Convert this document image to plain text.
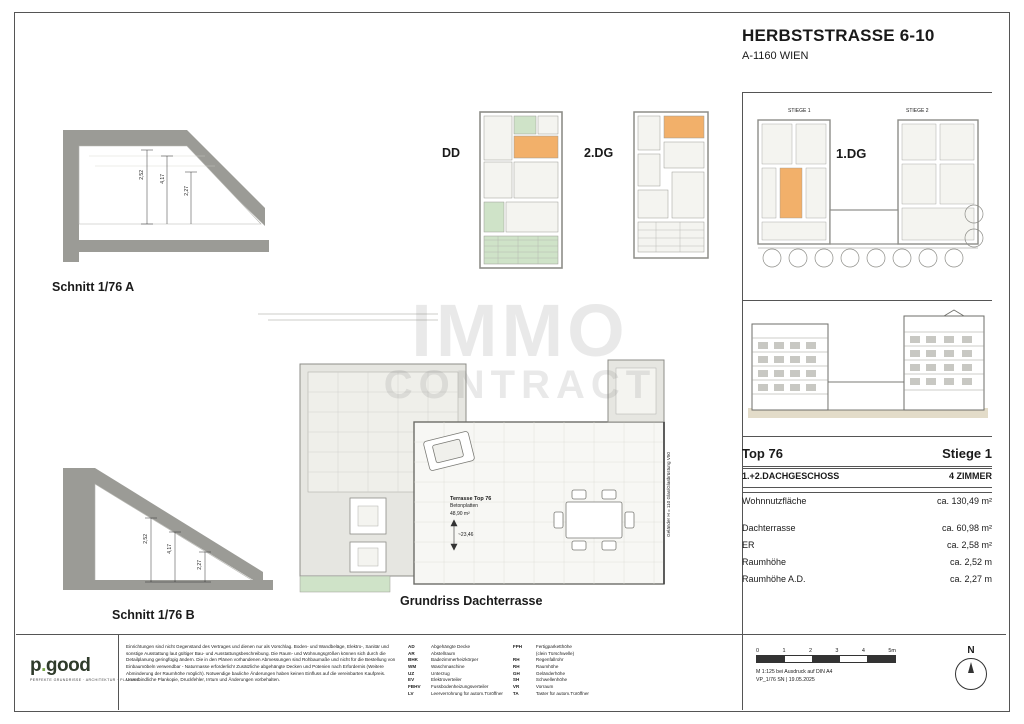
HERBSTSTRASSE 6-10
A-1160 WIEN
2,52	4,17
2,27
Schnitt 1/76 A
2,52
4,17
2,27
Schnitt 1/76 B
DD	2.DG	1.DG
STIEGE 1	STIEGE 2
Terrasse Top 76
Betonplatten
48,90 m²
~23,46	Geländer H = 110 Glas/Glasbrüstung V50
Grundriss Dachterrasse
IMMO
CONTRACT
Top 76	Stiege 1
1.+2.DACHGESCHOSS	4 ZIMMER
Wohnnutzfläche	ca. 130,49 m²
Dachterrasse	ca. 60,98 m²
ER	ca. 2,58 m²
Raumhöhe	ca. 2,52 m
Raumhöhe A.D.	ca. 2,27 m
p.good
PERFEKTE GRUNDRISSE · ARCHITEKTUR · PLANUNG
Einrichtungen sind nicht Gegenstand des Vertrages und dienen nur als Vorschlag. Boden- und Wandbeläge, Elektro-, Sanitär und sonstige Ausstattung laut gültiger Bau- und Ausstattungsbeschreibung. Die Raum- und Wohnungsgrößen können sich durch die Detailplanung geringfügig ändern. Die in den Plänen vorhandenen Abmessungen sind Rohbaumaße und nicht für die Bestellung von Einbaumöbeln verwendbar - Naturmasse erforderlich! Zusätzliche abgehängte Decken und Potenien nach Erfordernis (Weitere Abminderung der Raumhöhe möglich). Notwendige bauliche Änderungen haben keinen Einfluss auf die vereinbarten Kaufpreis. Unverbindliche Plankopie, Druckfehler, Irrtum und Änderungen vorbehalten.
AD	Abgehängte Decke
AR	Abstellraum
BHK	Badezimmerheizkörper
WM	Waschmaschine
UZ	Unterzug
EV	Elektroverteiler
FBHV	Fussbodenheizungsverteiler
LV	Leerverrohrung für autom.Türöffner
FPH	Fertigparketthöhe
(clein Türschwelle)
RH	Regenfallrohr
RH	Raumhöhe
GH	Geländerhöhe
SH	Schwellenhöhe
VR	Vorraum
TA	Taster für autom.Türöffner
0	1	2	3	4	5m
M 1:125 bei Ausdruck auf DIN A4
VP_1/76 SN | 19.05.2025
N
